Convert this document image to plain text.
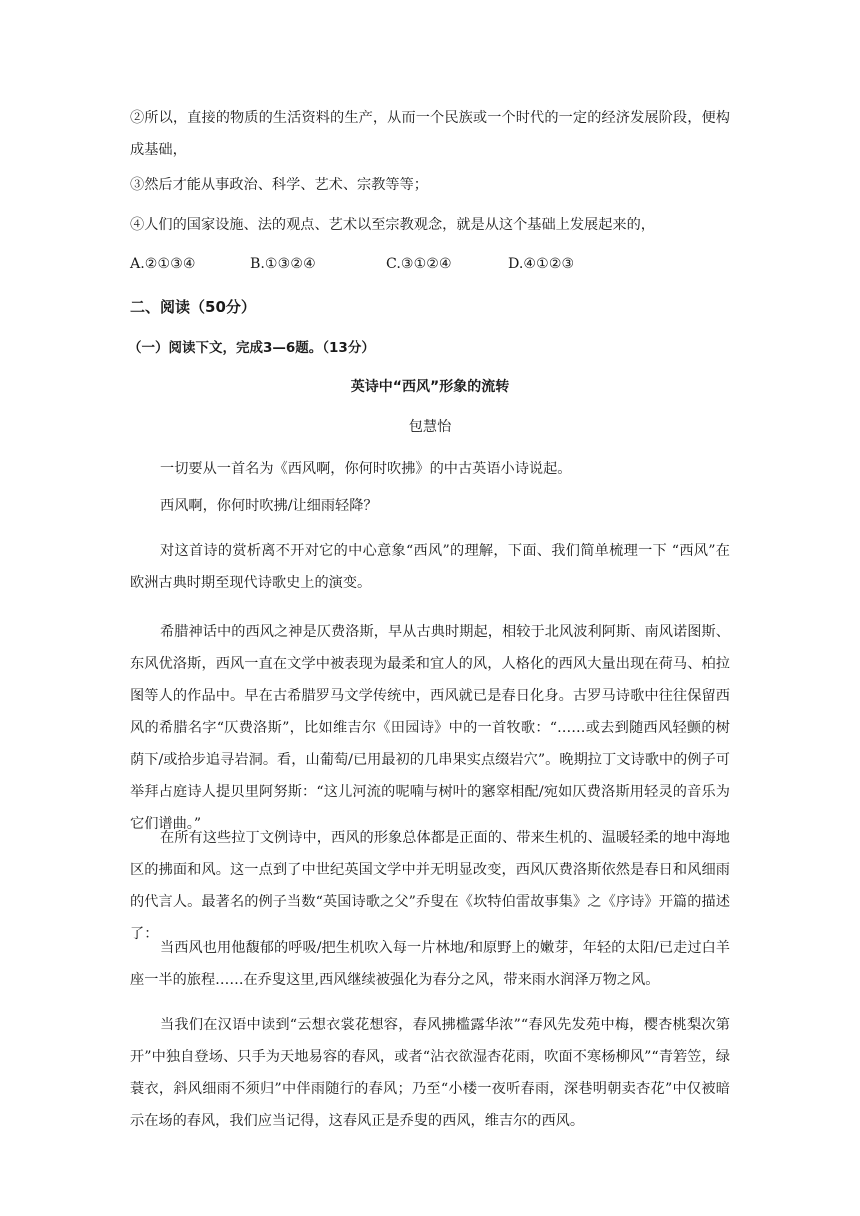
②所以，直接的物质的生活资料的生产，从而一个民族或一个时代的一定的经济发展阶段，便构成基础，
③然后才能从事政治、科学、艺术、宗教等等；
④人们的国家设施、法的观点、艺术以至宗教观念，就是从这个基础上发展起来的，
A.②①③④	B.①③②④	C.③①②④	D.④①②③
二、阅读（50分）
（一）阅读下文，完成3—6题。（13分）
英诗中“西风”形象的流转
包慧怡
一切要从一首名为《西风啊，你何时吹拂》的中古英语小诗说起。
西风啊，你何时吹拂/让细雨轻降？
对这首诗的赏析离不开对它的中心意象“西风”的理解，下面、我们简单梳理一下 “西风”在欧洲古典时期至现代诗歌史上的演变。
希腊神话中的西风之神是仄费洛斯，早从古典时期起，相较于北风波利阿斯、南风诺图斯、东风优洛斯，西风一直在文学中被表现为最柔和宜人的风，人格化的西风大量出现在荷马、柏拉图等人的作品中。早在古希腊罗马文学传统中，西风就已是春日化身。古罗马诗歌中往往保留西风的希腊名字“仄费洛斯”，比如维吉尔《田园诗》中的一首牧歌：“……或去到随西风轻颤的树荫下/或拾步追寻岩洞。看，山葡萄/已用最初的几串果实点缀岩穴”。晚期拉丁文诗歌中的例子可举拜占庭诗人提贝里阿努斯：“这儿河流的呢喃与树叶的窸窣相配/宛如仄费洛斯用轻灵的音乐为它们谱曲。”
在所有这些拉丁文例诗中，西风的形象总体都是正面的、带来生机的、温暖轻柔的地中海地区的拂面和风。这一点到了中世纪英国文学中并无明显改变，西风仄费洛斯依然是春日和风细雨的代言人。最著名的例子当数“英国诗歌之父”乔叟在《坎特伯雷故事集》之《序诗》开篇的描述了：
当西风也用他馥郁的呼吸/把生机吹入每一片林地/和原野上的嫩芽，年轻的太阳/已走过白羊座一半的旅程……在乔叟这里,西风继续被强化为春分之风，带来雨水润泽万物之风。
当我们在汉语中读到“云想衣裳花想容，春风拂槛露华浓”“春风先发苑中梅，樱杏桃梨次第开”中独自登场、只手为天地易容的春风，或者“沾衣欲湿杏花雨，吹面不寒杨柳风”“青箬笠，绿蓑衣，斜风细雨不须归”中伴雨随行的春风；乃至“小楼一夜听春雨，深巷明朝卖杏花”中仅被暗示在场的春风，我们应当记得，这春风正是乔叟的西风，维吉尔的西风。
